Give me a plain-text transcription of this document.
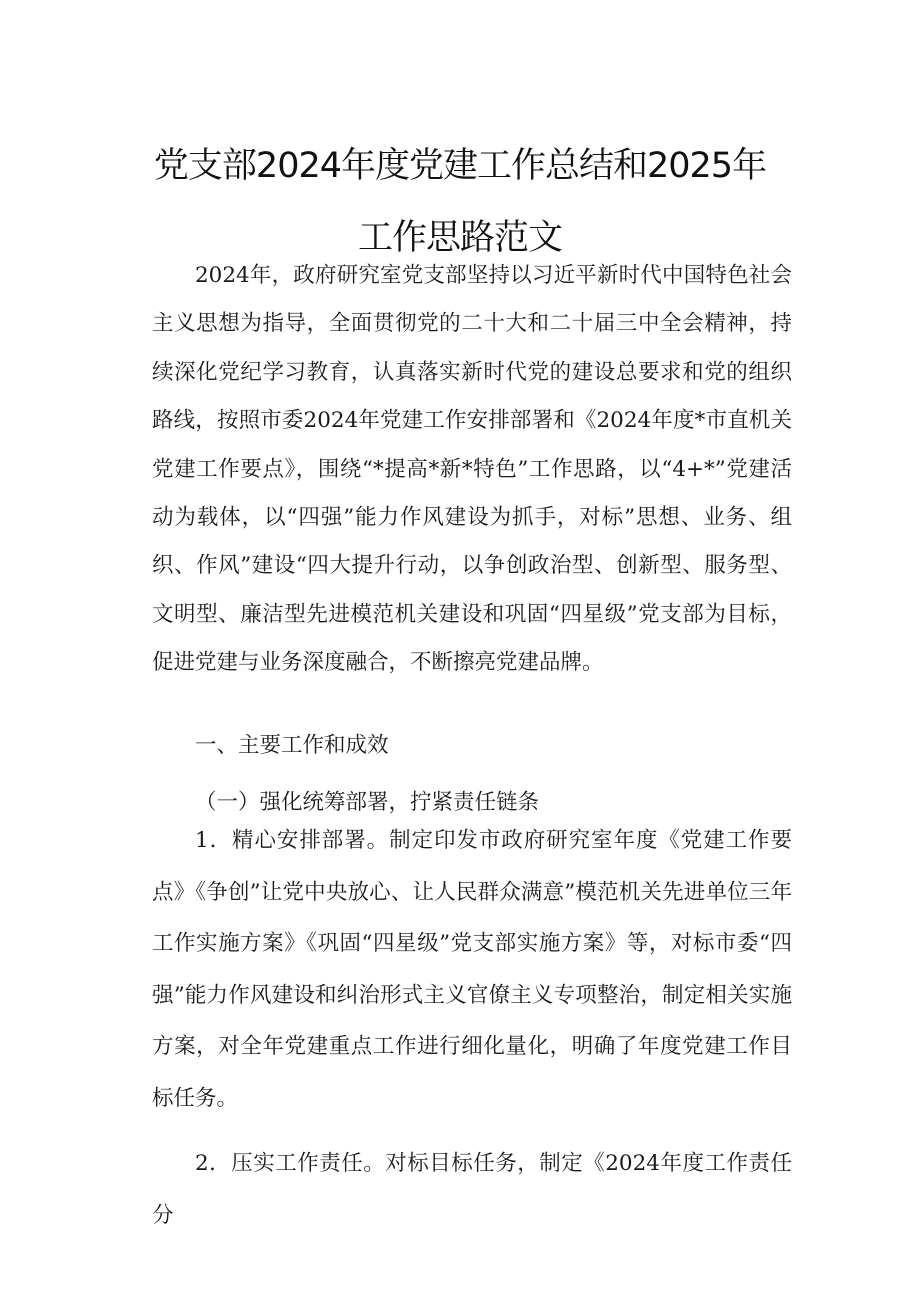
党支部2024年度党建工作总结和2025年
工作思路范文

2024年，政府研究室党支部坚持以习近平新时代中国特色社会主义思想为指导，全面贯彻党的二十大和二十届三中全会精神，持续深化党纪学习教育，认真落实新时代党的建设总要求和党的组织路线，按照市委2024年党建工作安排部署和《2024年度*市直机关党建工作要点》，围绕“*提高*新*特色”工作思路，以“4+*”党建活动为载体，以“四强”能力作风建设为抓手，对标”思想、业务、组织、作风”建设“四大提升行动，以争创政治型、创新型、服务型、文明型、廉洁型先进模范机关建设和巩固“四星级”党支部为目标，促进党建与业务深度融合，不断擦亮党建品牌。

一、主要工作和成效

（一）强化统筹部署，拧紧责任链条

1．精心安排部署。制定印发市政府研究室年度《党建工作要点》《争创”让党中央放心、让人民群众满意”模范机关先进单位三年工作实施方案》《巩固“四星级”党支部实施方案》等，对标市委“四强”能力作风建设和纠治形式主义官僚主义专项整治，制定相关实施方案，对全年党建重点工作进行细化量化，明确了年度党建工作目标任务。

2．压实工作责任。对标目标任务，制定《2024年度工作责任分
